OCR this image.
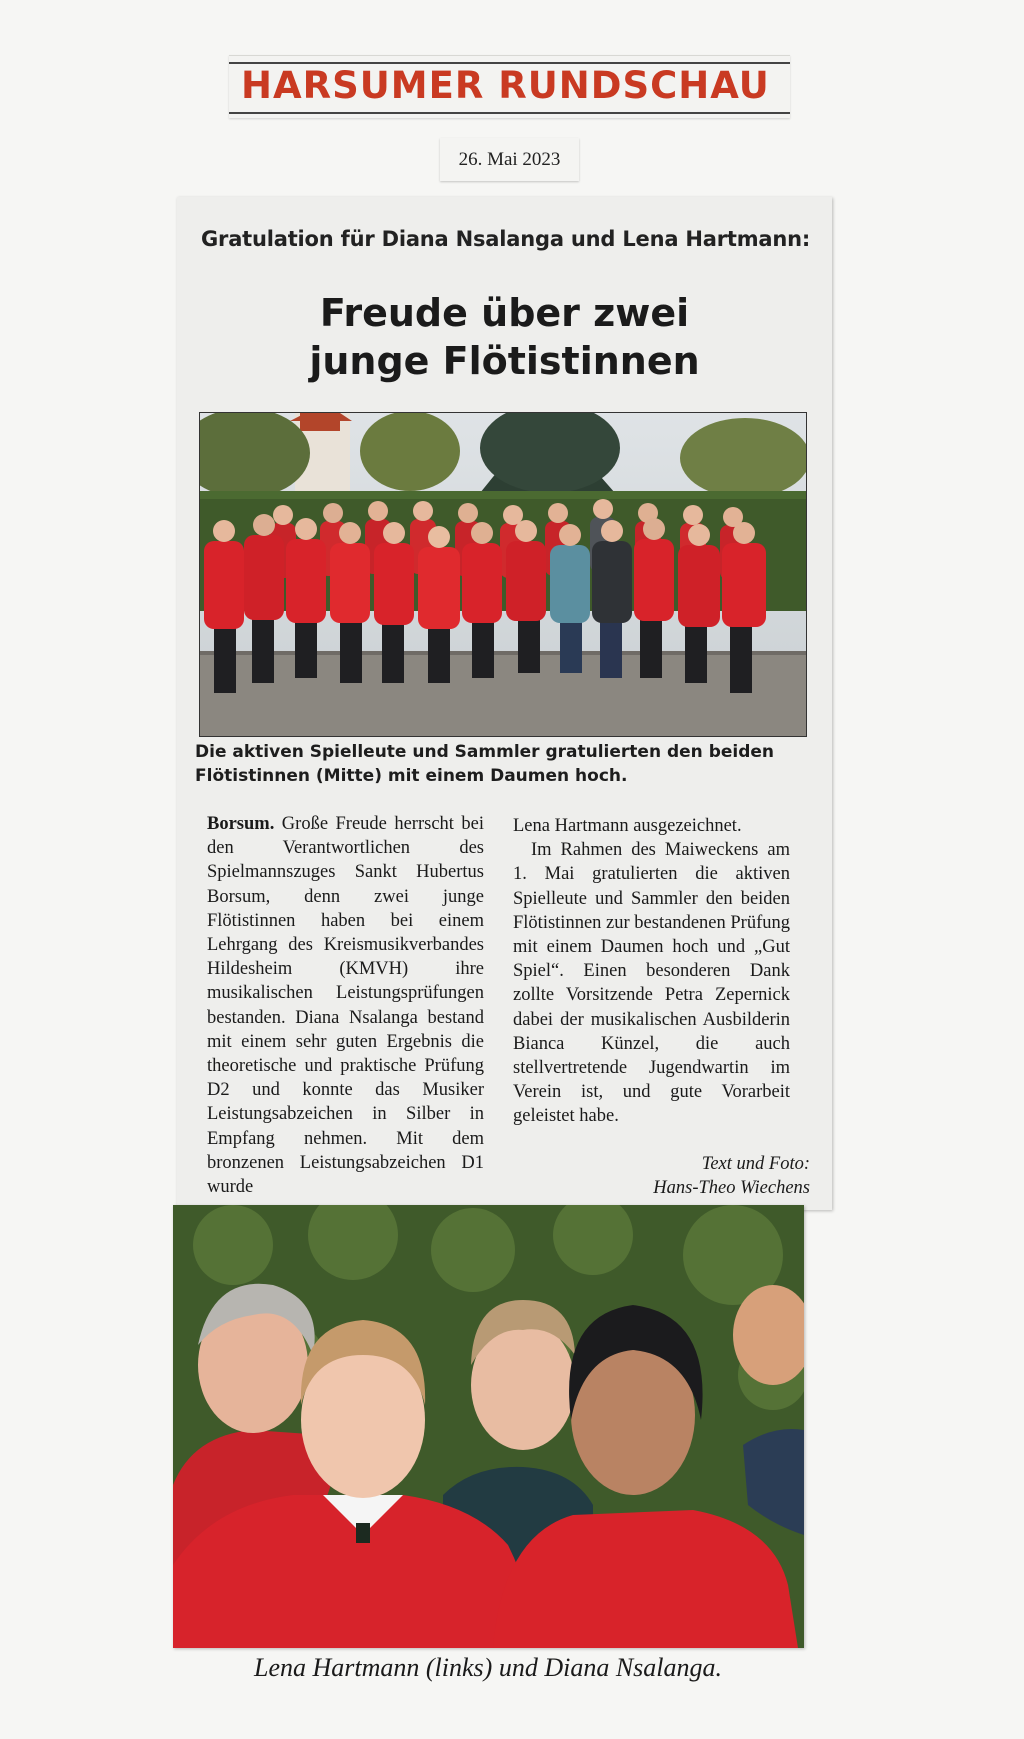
HARSUMER RUNDSCHAU
26. Mai 2023
Gratulation für Diana Nsalanga und Lena Hartmann:
Freude über zwei
junge Flötistinnen
Die aktiven Spielleute und Sammler gratulierten den beiden Flötistinnen (Mitte) mit einem Daumen hoch.

Borsum. Große Freude herrscht bei den Verantwortlichen des Spielmannszuges Sankt Hubertus Borsum, denn zwei junge Flötistinnen haben bei einem Lehrgang des Kreismusikverbandes Hildesheim (KMVH) ihre musikalischen Leistungsprüfungen bestanden. Diana Nsalanga bestand mit einem sehr guten Ergebnis die theoretische und praktische Prüfung D2 und konnte das Musiker Leistungsabzeichen in Silber in Empfang nehmen. Mit dem bronzenen Leistungsabzeichen D1 wurde

Lena Hartmann ausgezeichnet.

Im Rahmen des Maiweckens am 1. Mai gratulierten die aktiven Spielleute und Sammler den beiden Flötistinnen zur bestandenen Prüfung mit einem Daumen hoch und „Gut Spiel“. Einen besonderen Dank zollte Vorsitzende Petra Zepernick dabei der musikalischen Ausbilderin Bianca Künzel, die auch stellvertretende Jugendwartin im Verein ist, und gute Vorarbeit geleistet habe.

Text und Foto:
Hans-Theo Wiechens
Lena Hartmann (links) und Diana Nsalanga.
